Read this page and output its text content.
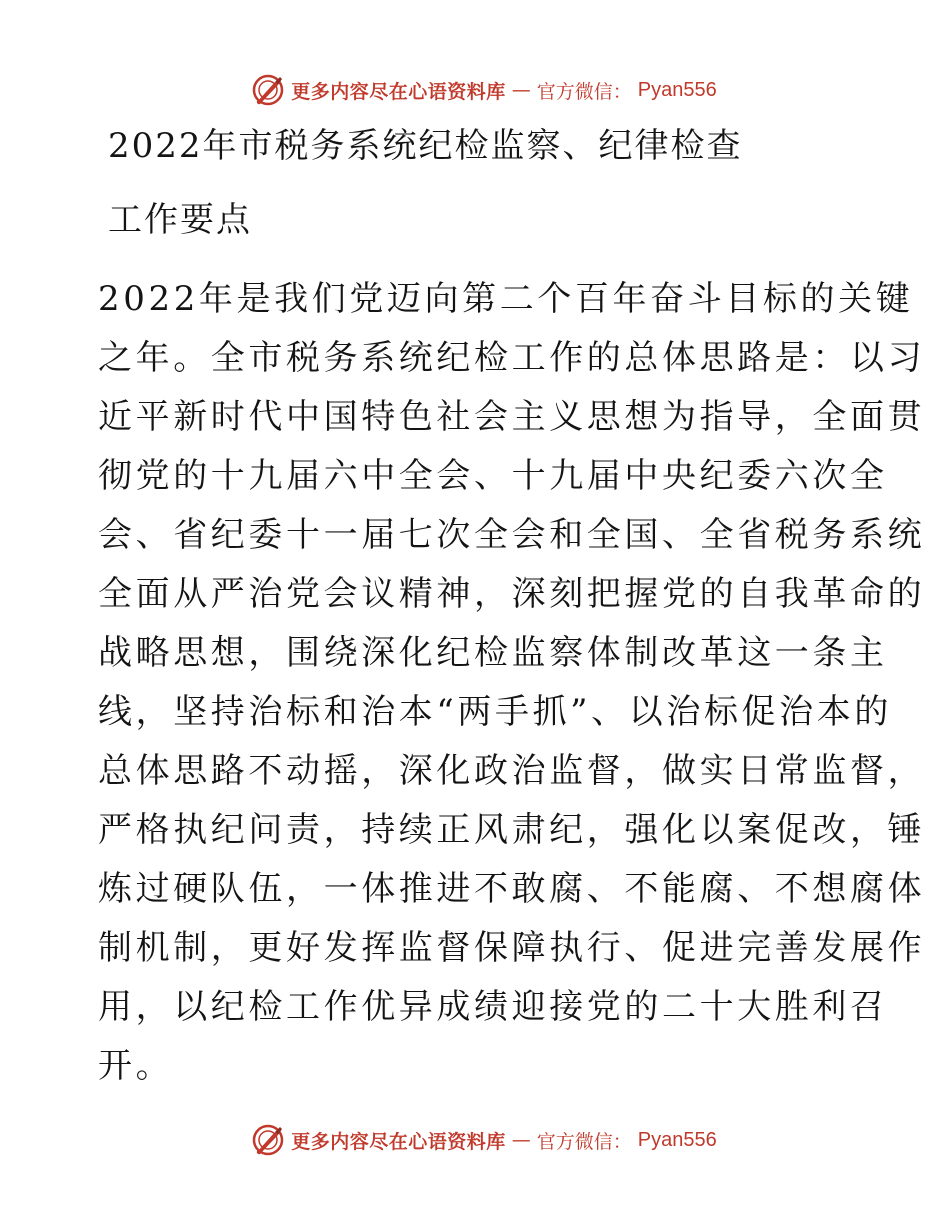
更多内容尽在心语资料库 — 官方微信： Pyan556
2022年市税务系统纪检监察、纪律检查
工作要点
2022年是我们党迈向第二个百年奋斗目标的关键
之年。全市税务系统纪检工作的总体思路是：以习
近平新时代中国特色社会主义思想为指导，全面贯
彻党的十九届六中全会、十九届中央纪委六次全
会、省纪委十一届七次全会和全国、全省税务系统
全面从严治党会议精神，深刻把握党的自我革命的
战略思想，围绕深化纪检监察体制改革这一条主
线，坚持治标和治本“两手抓”、以治标促治本的
总体思路不动摇，深化政治监督，做实日常监督，
严格执纪问责，持续正风肃纪，强化以案促改，锤
炼过硬队伍，一体推进不敢腐、不能腐、不想腐体
制机制，更好发挥监督保障执行、促进完善发展作
用，以纪检工作优异成绩迎接党的二十大胜利召
开。
更多内容尽在心语资料库 — 官方微信： Pyan556
